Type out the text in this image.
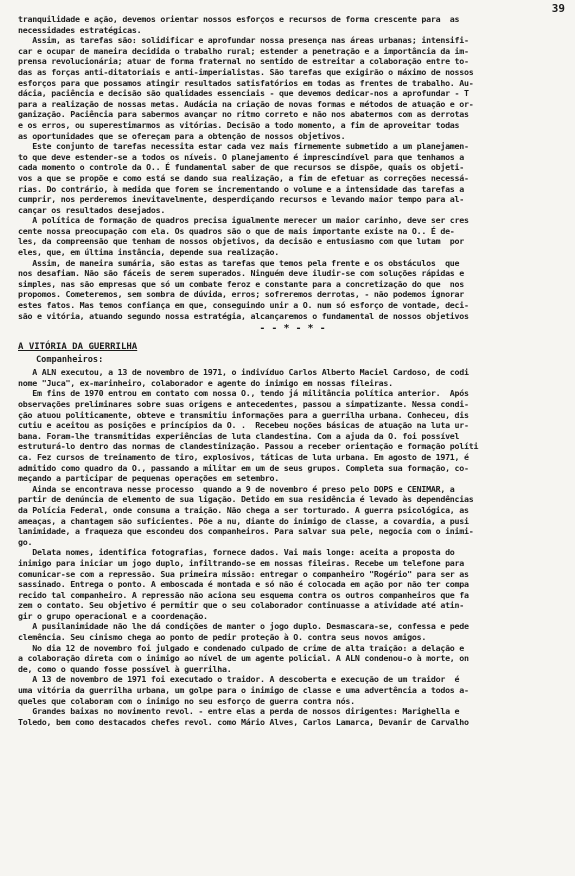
39
tranquilidade e ação, devemos orientar nossos esforços e recursos de forma crescente para  as
necessidades estratégicas.
Assim, as tarefas são: solidificar e aprofundar nossa presença nas áreas urbanas; intensifi-
car e ocupar de maneira decidida o trabalho rural; estender a penetração e a importância da im-
prensa revolucionária; atuar de forma fraternal no sentido de estreitar a colaboração entre to-
das as forças anti-ditatoriais e anti-imperialistas. São tarefas que exigirão o máximo de nossos
esforços para que possamos atingir resultados satisfatórios em todas as frentes de trabalho. Au-
dácia, paciência e decisão são qualidades essenciais - que devemos dedicar-nos a aprofundar - T
para a realização de nossas metas. Audácia na criação de novas formas e métodos de atuação e or-
ganização. Paciência para sabermos avançar no ritmo correto e não nos abatermos com as derrotas
e os erros, ou superestimarmos as vitórias. Decisão a todo momento, a fim de aproveitar todas
as oportunidades que se ofereçam para a obtenção de nossos objetivos.
Este conjunto de tarefas necessita estar cada vez mais firmemente submetido a um planejamen-
to que deve estender-se a todos os níveis. O planejamento é imprescindível para que tenhamos a
cada momento o controle da O.. É fundamental saber de que recursos se dispõe, quais os objeti-
vos a que se propõe e como está se dando sua realização, a fim de efetuar as correções necessá-
rias. Do contrário, à medida que forem se incrementando o volume e a intensidade das tarefas a
cumprir, nos perderemos inevitavelmente, desperdiçando recursos e levando maior tempo para al-
cançar os resultados desejados.
A política de formação de quadros precisa igualmente merecer um maior carinho, deve ser cres
cente nossa preocupação com ela. Os quadros são o que de mais importante existe na O.. É de-
les, da compreensão que tenham de nossos objetivos, da decisão e entusiasmo com que lutam  por
eles, que, em última instância, depende sua realização.
Assim, de maneira sumária, são estas as tarefas que temos pela frente e os obstáculos  que
nos desafiam. Não são fáceis de serem superados. Ninguém deve iludir-se com soluções rápidas e
simples, nas são empresas que só um combate feroz e constante para a concretização do que  nos
propomos. Cometeremos, sem sombra de dúvida, erros; sofreremos derrotas, - não podemos ignorar
estes fatos. Mas temos confiança em que, conseguindo unir a O. num só esforço de vontade, deci-
são e vitória, atuando segundo nossa estratégia, alcançaremos o fundamental de nossos objetivos
- - * - * -
A VITÓRIA DA GUERRILHA
Companheiros:
A ALN executou, a 13 de novembro de 1971, o indivíduo Carlos Alberto Maciel Cardoso, de codi
nome "Juca", ex-marinheiro, colaborador e agente do inimigo em nossas fileiras.
Em fins de 1970 entrou em contato com nossa O., tendo já militância política anterior.  Após
observações preliminares sobre suas origens e antecedentes, passou a simpatizante. Nessa condi-
ção atuou politicamente, obteve e transmitiu informações para a guerrilha urbana. Conheceu, dis
cutiu e aceitou as posições e princípios da O. .  Recebeu noções básicas de atuação na luta ur-
bana. Foram-lhe transmitidas experiências de luta clandestina. Com a ajuda da O. foi possível
estruturá-lo dentro das normas de clandestinização. Passou a receber orientação e formação políti
ca. Fez cursos de treinamento de tiro, explosivos, táticas de luta urbana. Em agosto de 1971, é
admitido como quadro da O., passando a militar em um de seus grupos. Completa sua formação, co-
meçando a participar de pequenas operações em setembro.
Ainda se encontrava nesse processo  quando a 9 de novembro é preso pelo DOPS e CENIMAR, a
partir de denúncia de elemento de sua ligação. Detido em sua residência é levado às dependências
da Polícia Federal, onde consuma a traição. Não chega a ser torturado. A guerra psicológica, as
ameaças, a chantagem são suficientes. Põe a nu, diante do inimigo de classe, a covardia, a pusi
lanimidade, a fraqueza que escondeu dos companheiros. Para salvar sua pele, negocia com o inimi-
go.
Delata nomes, identifica fotografias, fornece dados. Vai mais longe: aceita a proposta do
inimigo para iniciar um jogo duplo, infiltrando-se em nossas fileiras. Recebe um telefone para
comunicar-se com a repressão. Sua primeira missão: entregar o companheiro "Rogério" para ser as
sassinado. Entrega o ponto. A emboscada é montada e só não é colocada em ação por não ter compa
recido tal companheiro. A repressão não aciona seu esquema contra os outros companheiros que fa
zem o contato. Seu objetivo é permitir que o seu colaborador continuasse a atividade até atin-
gir o grupo operacional e a coordenação.
A pusilanimidade não lhe dá condições de manter o jogo duplo. Desmascara-se, confessa e pede
clemência. Seu cinismo chega ao ponto de pedir proteção à O. contra seus novos amigos.
No dia 12 de novembro foi julgado e condenado culpado de crime de alta traição: a delação e
a colaboração direta com o inimigo ao nível de um agente policial. A ALN condenou-o à morte, on
de, como o quando fosse possível à guerrilha.
A 13 de novembro de 1971 foi executado o traidor. A descoberta e execução de um traidor  é
uma vitória da guerrilha urbana, um golpe para o inimigo de classe e uma advertência a todos a-
queles que colaboram com o inimigo no seu esforço de guerra contra nós.
Grandes baixas no movimento revol. - entre elas a perda de nossos dirigentes: Marighella e
Toledo, bem como destacados chefes revol. como Mário Alves, Carlos Lamarca, Devanir de Carvalho
